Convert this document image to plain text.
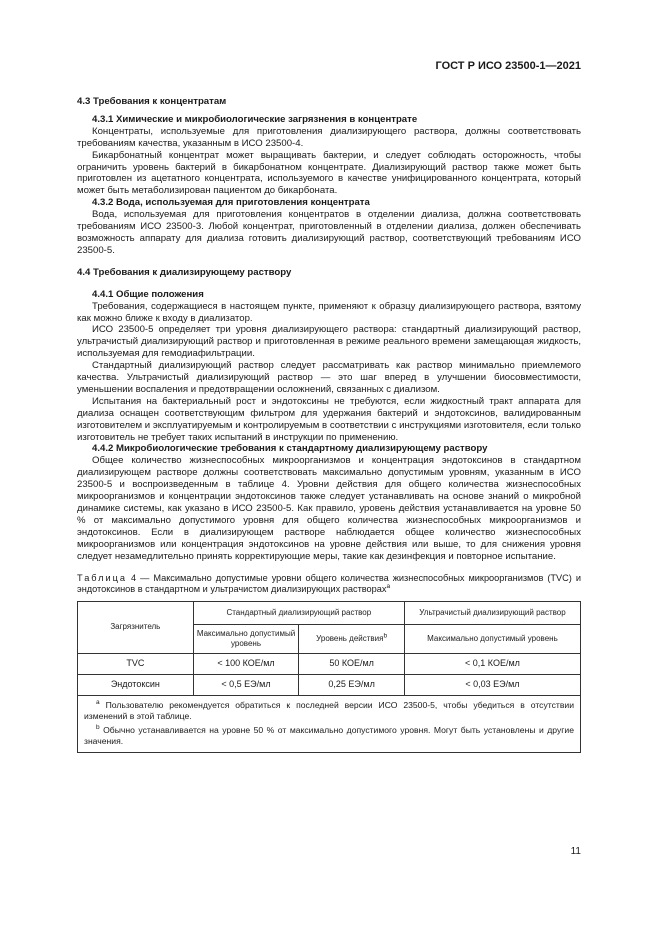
ГОСТ Р ИСО 23500-1—2021

4.3 Требования к концентратам

4.3.1 Химические и микробиологические загрязнения в концентрате

Концентраты, используемые для приготовления диализирующего раствора, должны соответствовать требованиям качества, указанным в ИСО 23500-4.

Бикарбонатный концентрат может выращивать бактерии, и следует соблюдать осторожность, чтобы ограничить уровень бактерий в бикарбонатном концентрате. Диализирующий раствор также может быть приготовлен из ацетатного концентрата, используемого в качестве унифицированного концентрата, который может быть метаболизирован пациентом до бикарбоната.

4.3.2 Вода, используемая для приготовления концентрата

Вода, используемая для приготовления концентратов в отделении диализа, должна соответствовать требованиям ИСО 23500-3. Любой концентрат, приготовленный в отделении диализа, должен обеспечивать возможность аппарату для диализа готовить диализирующий раствор, соответствующий требованиям ИСО 23500-5.

4.4 Требования к диализирующему раствору

4.4.1 Общие положения

Требования, содержащиеся в настоящем пункте, применяют к образцу диализирующего раствора, взятому как можно ближе к входу в диализатор.

ИСО 23500-5 определяет три уровня диализирующего раствора: стандартный диализирующий раствор, ультрачистый диализирующий раствор и приготовленная в режиме реального времени замещающая жидкость, используемая для гемодиафильтрации.

Стандартный диализирующий раствор следует рассматривать как раствор минимально приемлемого качества. Ультрачистый диализирующий раствор — это шаг вперед в улучшении биосовместимости, уменьшении воспаления и предотвращении осложнений, связанных с диализом.

Испытания на бактериальный рост и эндотоксины не требуются, если жидкостный тракт аппарата для диализа оснащен соответствующим фильтром для удержания бактерий и эндотоксинов, валидированным изготовителем и эксплуатируемым и контролируемым в соответствии с инструкциями изготовителя, если только изготовитель не требует таких испытаний в инструкции по применению.

4.4.2 Микробиологические требования к стандартному диализирующему раствору

Общее количество жизнеспособных микроорганизмов и концентрация эндотоксинов в стандартном диализирующем растворе должны соответствовать максимально допустимым уровням, указанным в ИСО 23500-5 и воспроизведенным в таблице 4. Уровни действия для общего количества жизнеспособных микроорганизмов и концентрации эндотоксинов также следует устанавливать на основе знаний о микробной динамике системы, как указано в ИСО 23500-5. Как правило, уровень действия устанавливается на уровне 50 % от максимально допустимого уровня для общего количества жизнеспособных микроорганизмов и эндотоксинов. Если в диализирующем растворе наблюдается общее количество жизнеспособных микроорганизмов или концентрация эндотоксинов на уровне действия или выше, то для снижения уровня следует незамедлительно принять корректирующие меры, такие как дезинфекция и повторное испытание.

Таблица 4 — Максимально допустимые уровни общего количества жизнеспособных микроорганизмов (TVC) и эндотоксинов в стандартном и ультрачистом диализирующих растворах$^a$

Загрязнитель	Стандартный диализирующий раствор		Ультрачистый диализирующий раствор
	Максимально допустимый уровень	Уровень действия$^b$	Максимально допустимый уровень
TVC	< 100 КОЕ/мл	50 КОЕ/мл	< 0,1 КОЕ/мл
Эндотоксин	< 0,5 ЕЭ/мл	0,25 ЕЭ/мл	< 0,03 ЕЭ/мл

$^a$ Пользователю рекомендуется обратиться к последней версии ИСО 23500-5, чтобы убедиться в отсутствии изменений в этой таблице.

$^b$ Обычно устанавливается на уровне 50 % от максимально допустимого уровня. Могут быть установлены и другие значения.			

11
